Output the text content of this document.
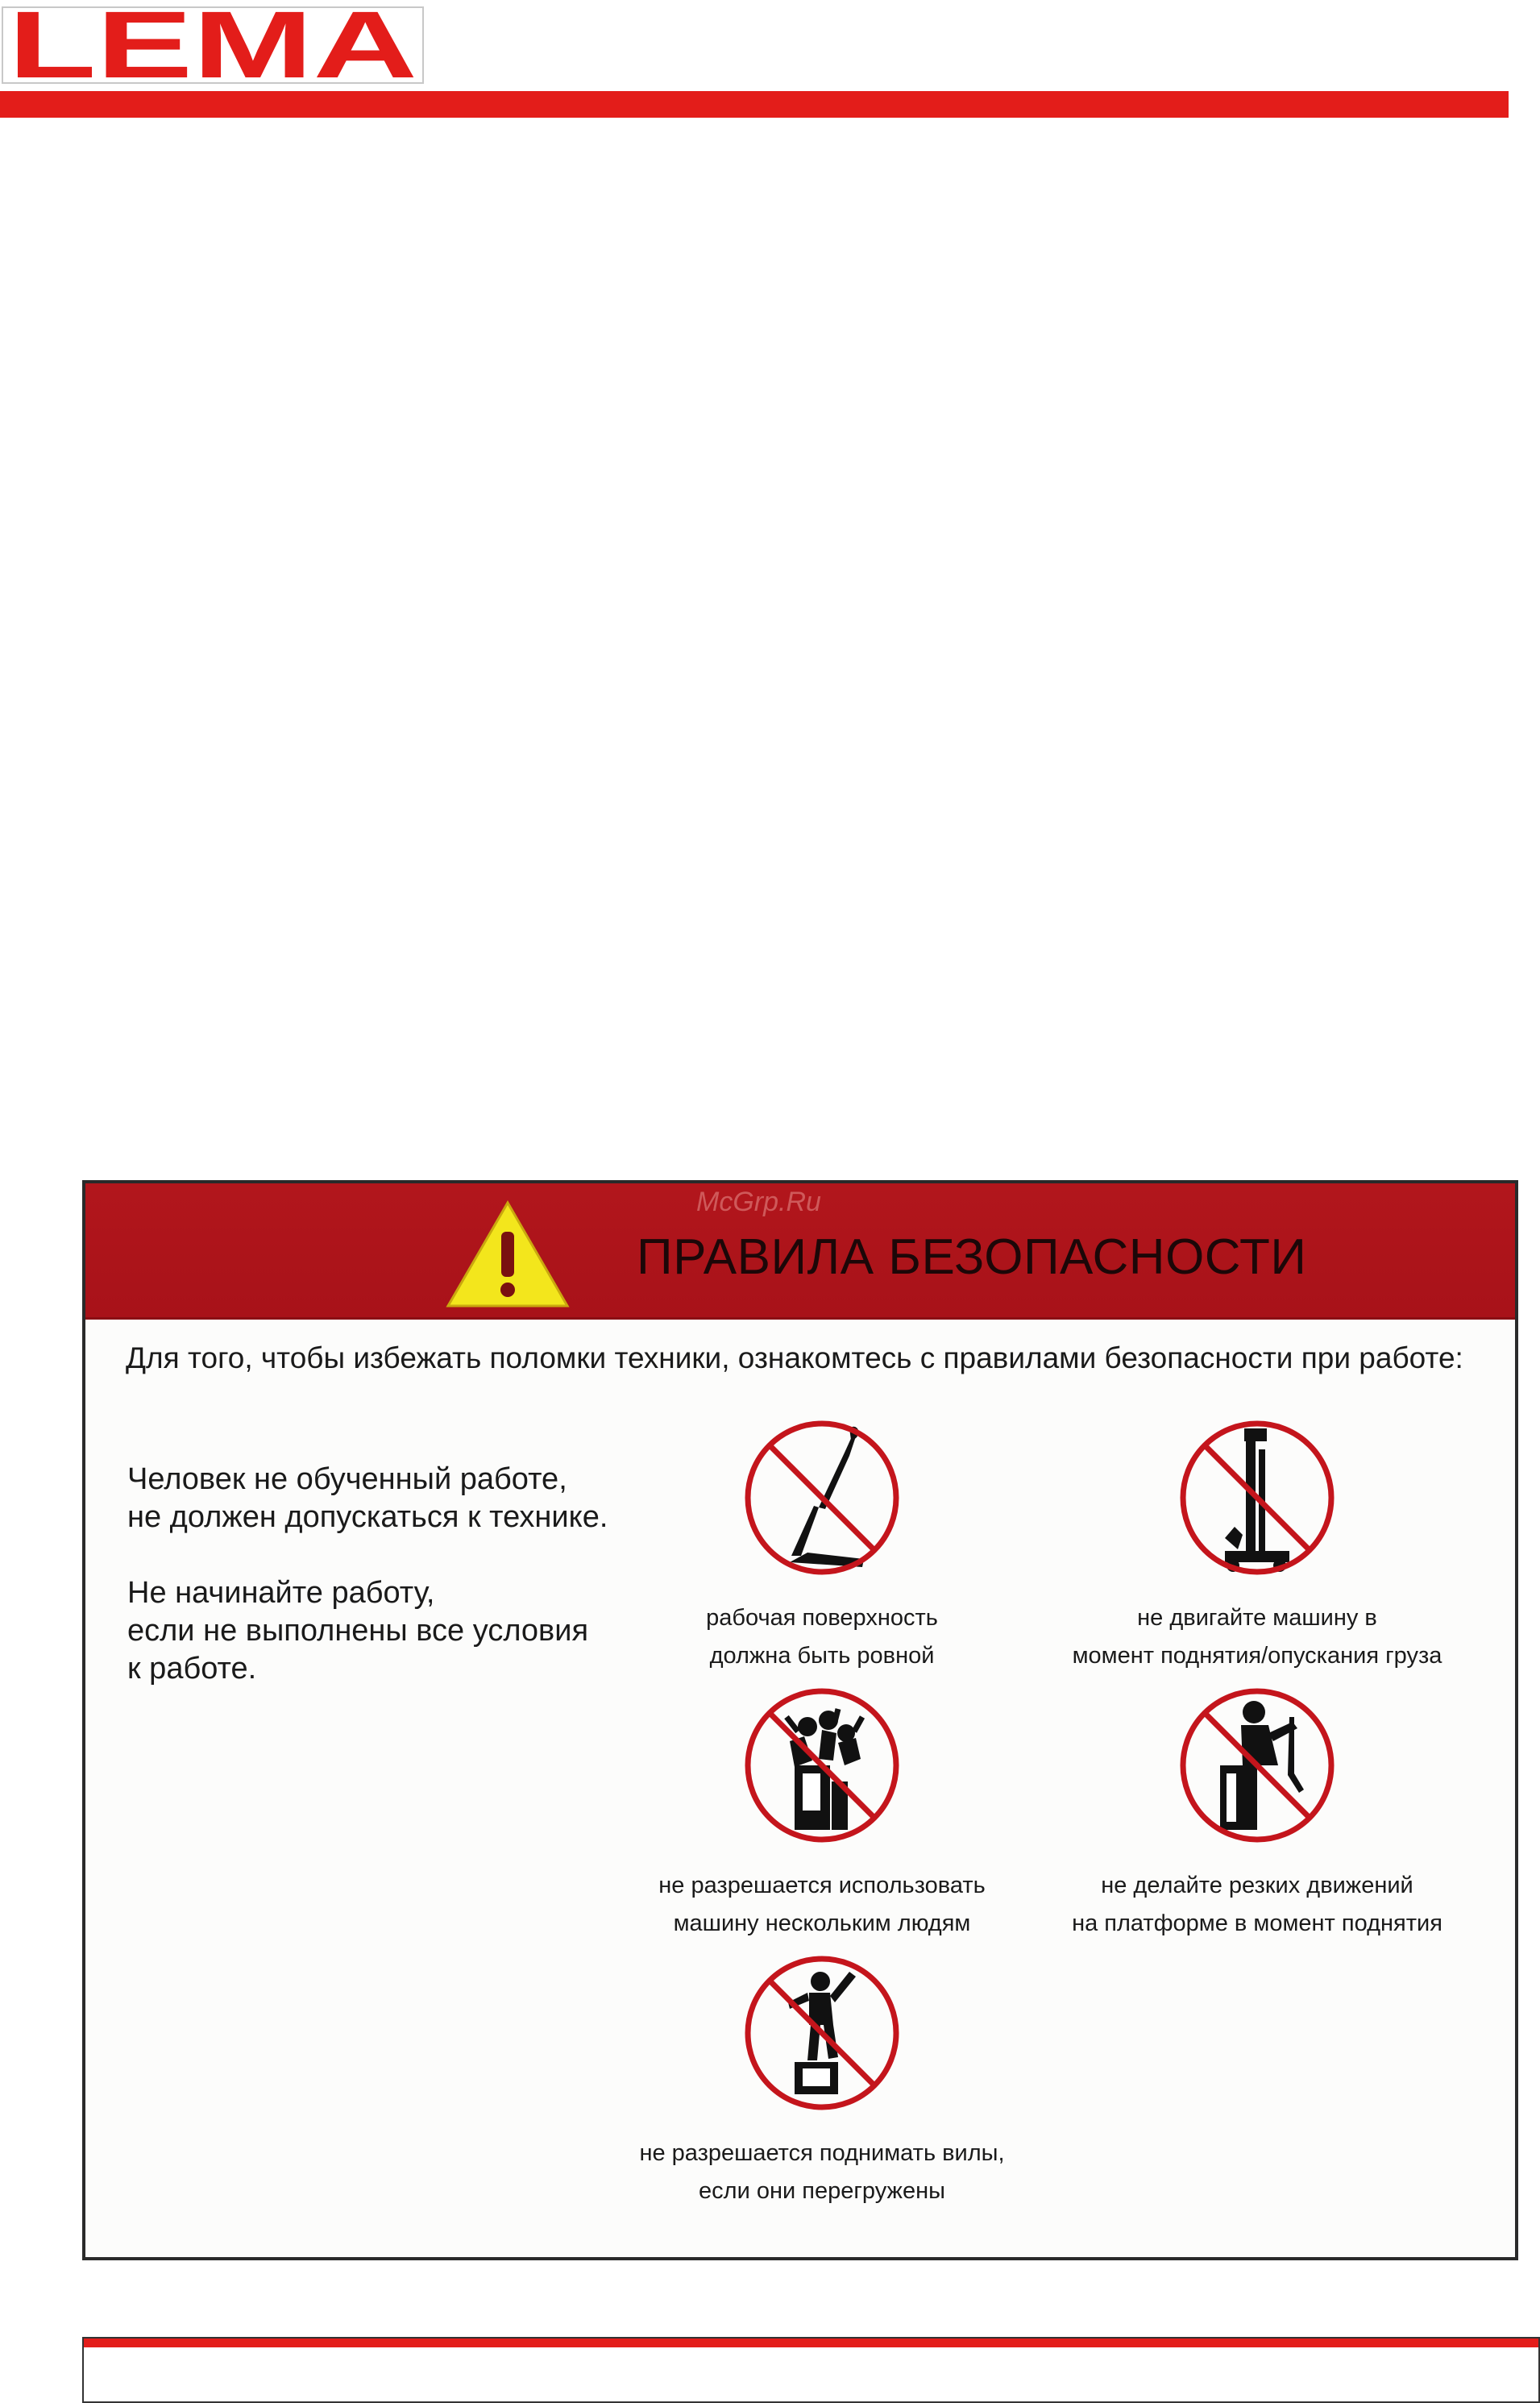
LEMA
McGrp.Ru
ПРАВИЛА БЕЗОПАСНОСТИ
Для того, чтобы избежать поломки техники, ознакомтесь с правилами безопасности при работе:

Человек не обученный работе,
не должен допускаться к технике.

Не начинайте работу,
если не выполнены все условия
к работе.

рабочая поверхность
должна быть ровной
не двигайте машину в
момент поднятия/опускания груза
не разрешается использовать
машину нескольким людям
не делайте резких движений
на платформе в момент поднятия
не разрешается поднимать вилы,
если они перегружены
